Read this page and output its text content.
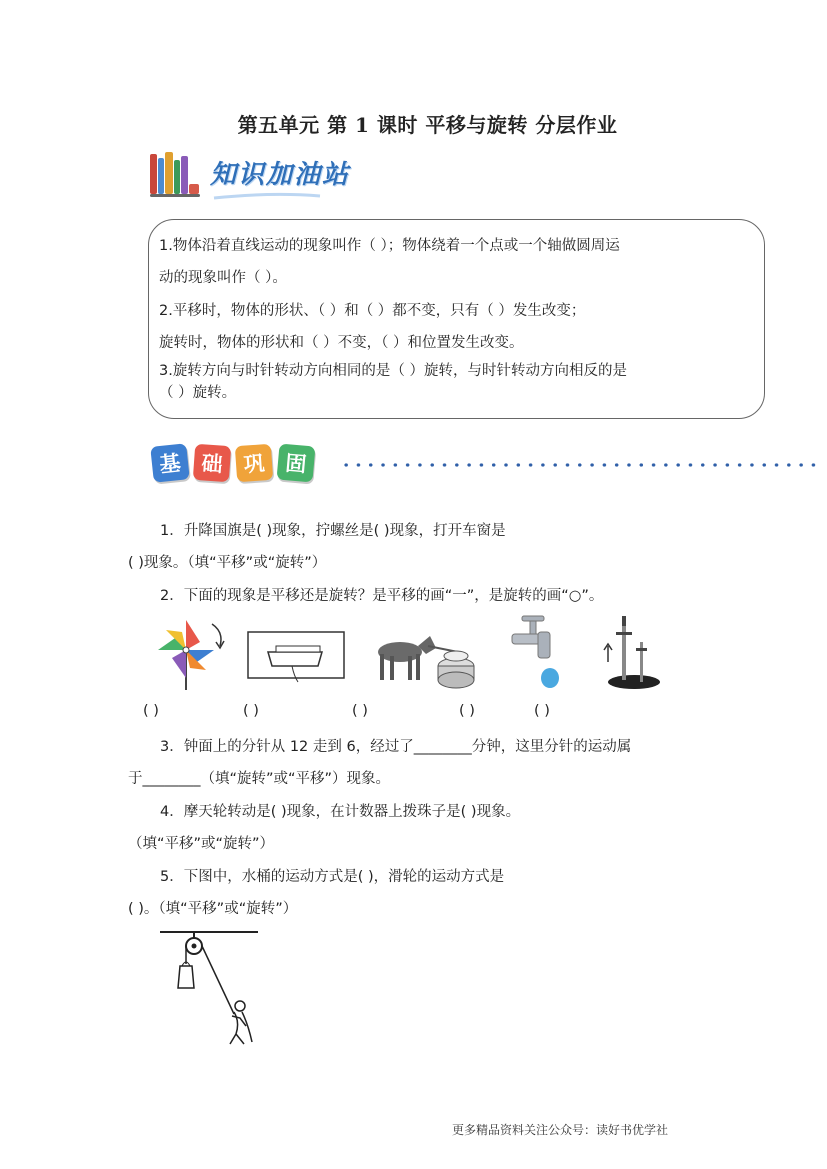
第五单元 第 1 课时 平移与旋转 分层作业
知识加油站
1.物体沿着直线运动的现象叫作（ ）；物体绕着一个点或一个轴做圆周运
动的现象叫作（ ）。
2.平移时，物体的形状、（ ）和（ ）都不变，只有（ ）发生改变；
旋转时，物体的形状和（ ）不变，（ ）和位置发生改变。
3.旋转方向与时针转动方向相同的是（ ）旋转，与时针转动方向相反的是
（ ）旋转。
基 础 巩 固
1．升降国旗是( )现象，拧螺丝是( )现象，打开车窗是
( )现象。（填“平移”或“旋转”）
2．下面的现象是平移还是旋转？是平移的画“一”，是旋转的画“○”。
( )	( )	( )	( )	( )
3．钟面上的分针从 12 走到 6，经过了________分钟，这里分针的运动属
于________（填“旋转”或“平移”）现象。
4．摩天轮转动是( )现象，在计数器上拨珠子是( )现象。
（填“平移”或“旋转”）
5．下图中，水桶的运动方式是( )，滑轮的运动方式是
( )。（填“平移”或“旋转”）
更多精品资料关注公众号：读好书优学社
